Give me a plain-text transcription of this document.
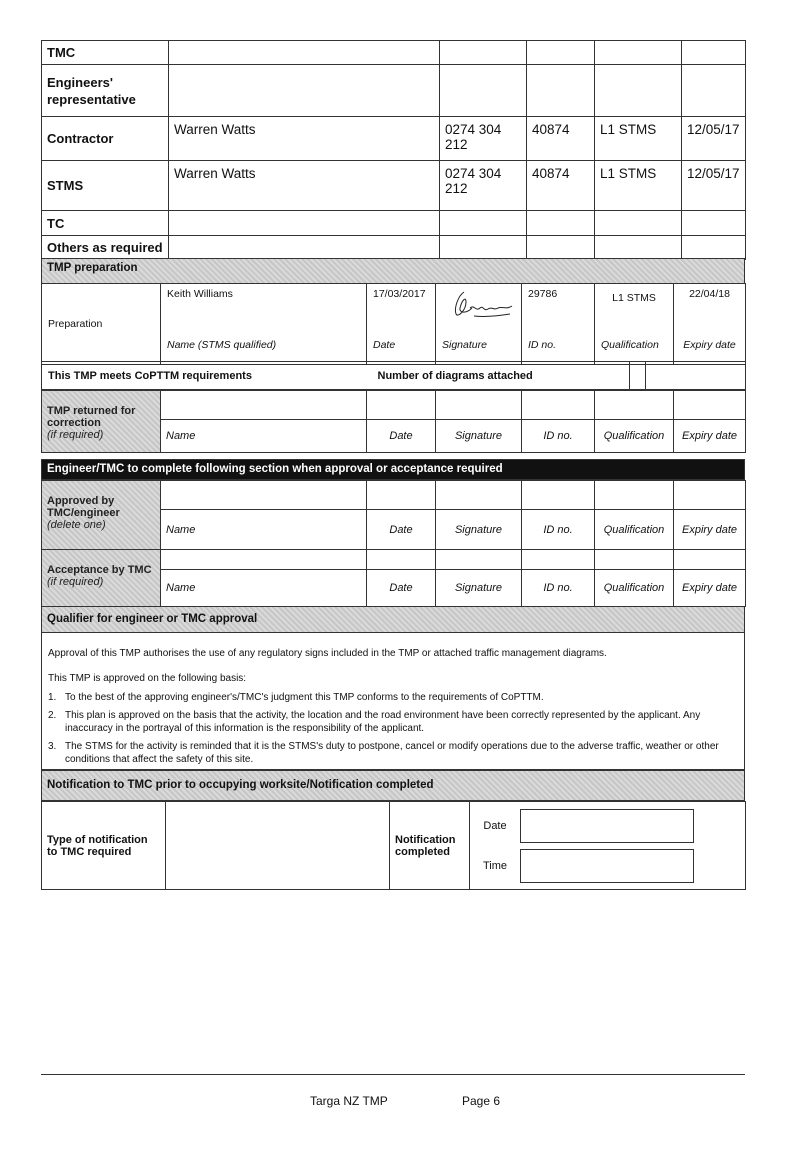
TMC					
Engineers' representative					
Contractor	Warren Watts	0274 304 212	40874	L1 STMS	12/05/17
STMS	Warren Watts	0274 304 212	40874	L1 STMS	12/05/17
TC					
Others as required					
TMP preparation
Preparation	Keith Williams	17/03/2017		29786	L1 STMS	22/04/18
	Name (STMS qualified)	Date	Signature	ID no.	Qualification	Expiry date
This TMP meets CoPTTM requirements	Number of diagrams attached		
TMP returned for correction
(if required)						
	Name	Date	Signature	ID no.	Qualification	Expiry date
Engineer/TMC to complete following section when approval or acceptance required
Approved by TMC/engineer (delete one)						
	Name	Date	Signature	ID no.	Qualification	Expiry date
Acceptance by TMC (if required)						
	Name	Date	Signature	ID no.	Qualification	Expiry date
Qualifier for engineer or TMC approval

Approval of this TMP authorises the use of any regulatory signs included in the TMP or attached traffic management diagrams.

This TMP is approved on the following basis:

1. To the best of the approving engineer's/TMC's judgment this TMP conforms to the requirements of CoPTTM.
2. This plan is approved on the basis that the activity, the location and the road environment have been correctly represented by the applicant. Any inaccuracy in the portrayal of this information is the responsibility of the applicant.
3. The STMS for the activity is reminded that it is the STMS's duty to postpone, cancel or modify operations due to the adverse traffic, weather or other conditions that affect the safety of this site.
Notification to TMC prior to occupying worksite/Notification completed
Type of notification to TMC required		Notification completed	
Date
Time
Targa NZ TMP	Page 6
